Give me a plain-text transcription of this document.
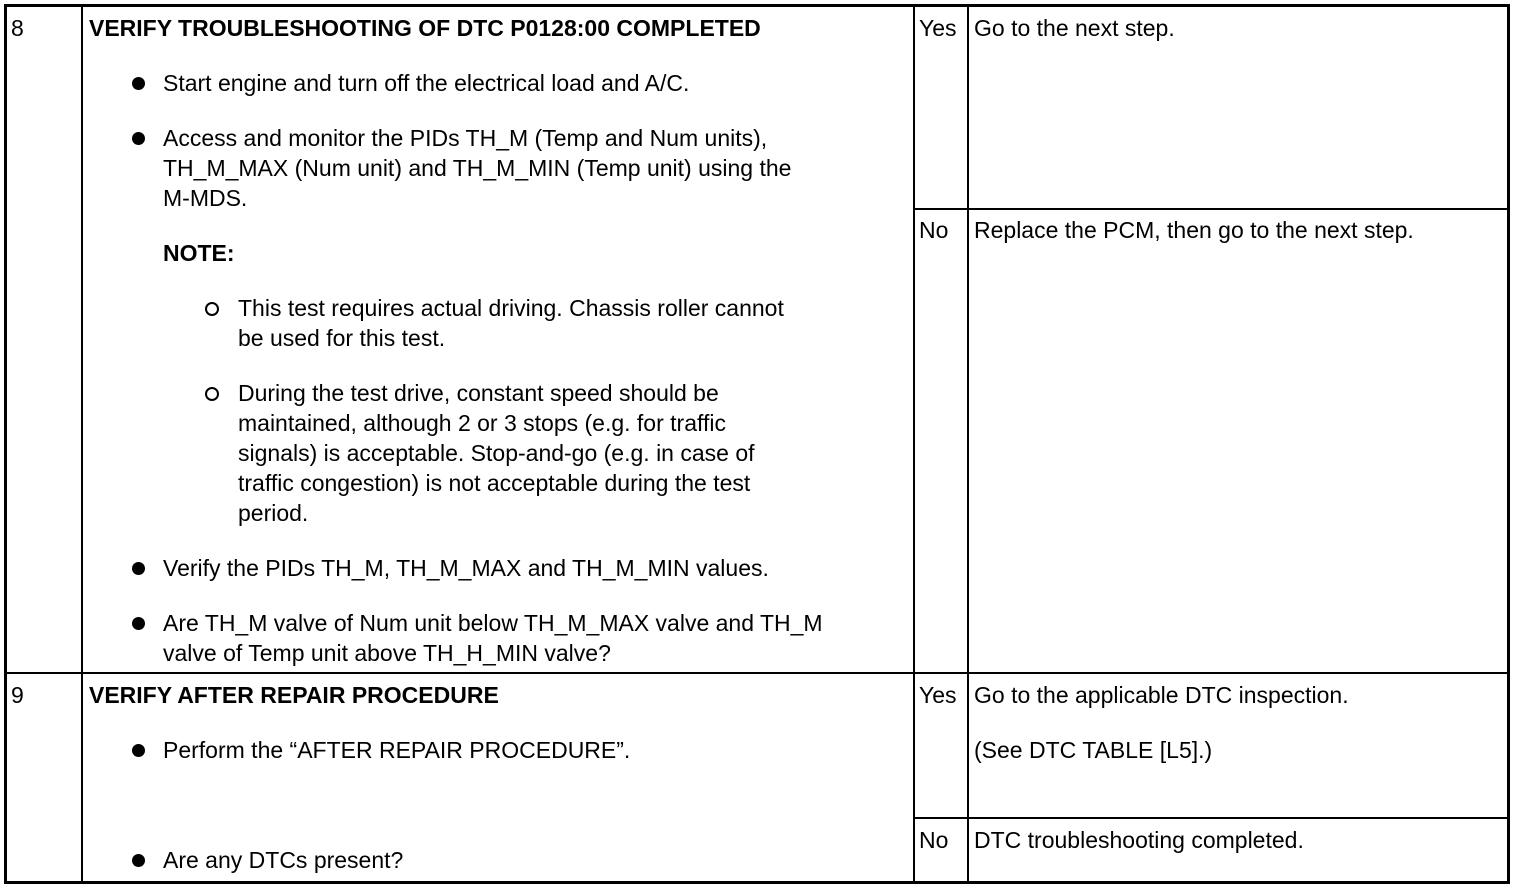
8	VERIFY TROUBLESHOOTING OF DTC P0128:00 COMPLETED
Start engine and turn off the electrical load and A/C.
Access and monitor the PIDs TH_M (Temp and Num units),
TH_M_MAX (Num unit) and TH_M_MIN (Temp unit) using the
M-MDS.
NOTE:
This test requires actual driving. Chassis roller cannot
be used for this test.
During the test drive, constant speed should be
maintained, although 2 or 3 stops (e.g. for traffic
signals) is acceptable. Stop-and-go (e.g. in case of
traffic congestion) is not acceptable during the test
period.
Verify the PIDs TH_M, TH_M_MAX and TH_M_MIN values.
Are TH_M valve of Num unit below TH_M_MAX valve and TH_M
valve of Temp unit above TH_H_MIN valve?
Yes Go to the next step.
No Replace the PCM, then go to the next step.
9	VERIFY AFTER REPAIR PROCEDURE
Perform the “AFTER REPAIR PROCEDURE”.
Are any DTCs present?
Yes Go to the applicable DTC inspection.
(See DTC TABLE [L5].)
No DTC troubleshooting completed.
